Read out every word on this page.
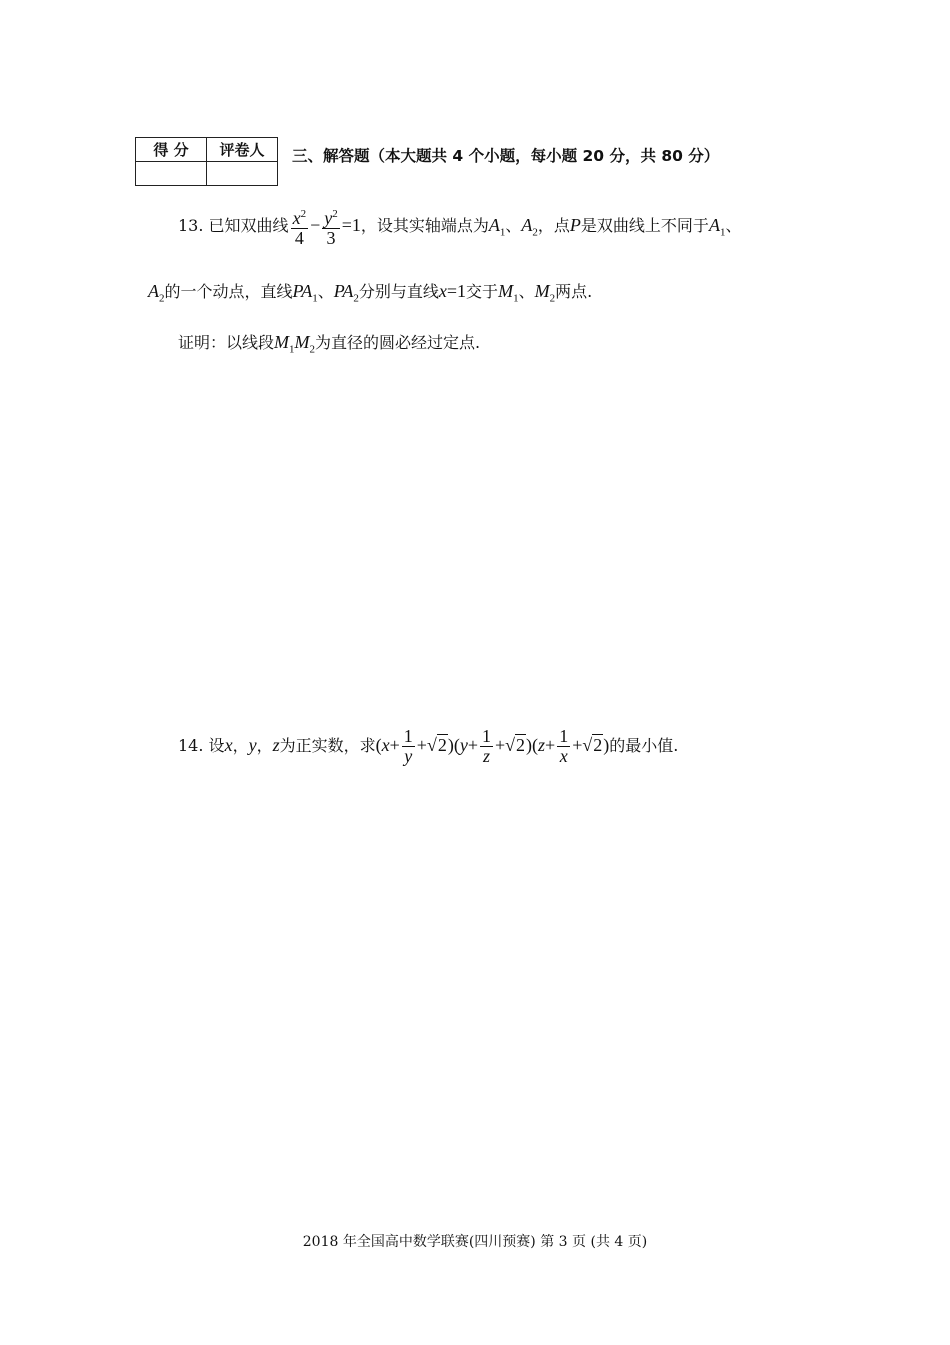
得 分	评卷人
	三、解答题（本大题共 4 个小题，每小题 20 分，共 80 分）
13. 已知双曲线 $\frac{x^2}{4} - \frac{y^2}{3} =1$，设其实轴端点为$A_1$、$A_2$，点P是双曲线上不同于$A_1$、
$A_2$的一个动点，直线$PA_1$、$PA_2$分别与直线x=1交于$M_1$、$M_2$两点.
证明：以线段$M_1M_2$为直径的圆必经过定点.
14. 设x，y，z为正实数，求$(x+ \frac{1}{y} +√2)(y+ \frac{1}{z} +√2)(z+ \frac{1}{x} +√2)$的最小值.
2018 年全国高中数学联赛(四川预赛) 第 3 页 (共 4 页)
